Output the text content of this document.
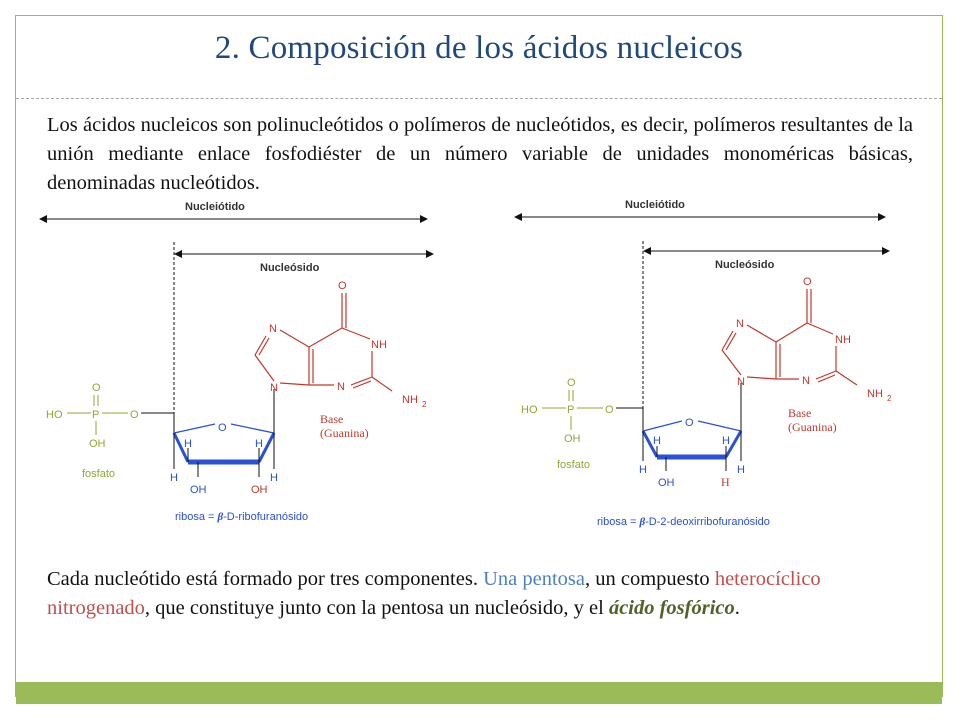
2. Composición de los ácidos nucleicos
Los ácidos nucleicos son polinucleótidos o polímeros de nucleótidos, es decir, polímeros resultantes de la unión mediante enlace fosfodiéster de un número variable de unidades monoméricas básicas, denominadas nucleótidos.
Nucleiótido
Nucleósido
HO	P	O
O
OH
fosfato
O
H
H	H
H
OH	OH
N
N
O
NH
N
NH 2
Base
(Guanina)
ribosa = β-D-ribofuranósido
Nucleiótido
Nucleósido
HO	P	O
O
OH
fosfato
O
H
H	H
H
OH	H
N
N
O
NH
N
NH 2
Base
(Guanina)
ribosa = β-D-2-deoxirribofuranósido
Cada nucleótido está formado por tres componentes. Una pentosa, un compuesto heterocíclico nitrogenado, que constituye junto con la pentosa un nucleósido, y el ácido fosfórico.
